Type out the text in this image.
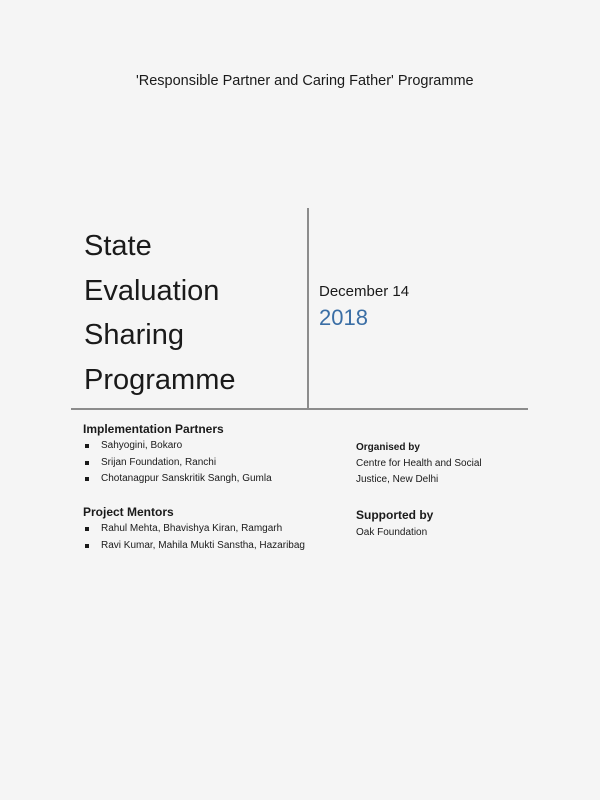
'Responsible Partner and Caring Father' Programme
State
Evaluation
Sharing
Programme
December 14
2018
Implementation Partners
Sahyogini, Bokaro
Srijan Foundation, Ranchi
Chotanagpur Sanskritik Sangh, Gumla
Project Mentors
Rahul Mehta, Bhavishya Kiran, Ramgarh
Ravi Kumar, Mahila Mukti Sanstha, Hazaribag
Organised by
Centre for Health and Social
Justice, New Delhi
Supported by
Oak Foundation
